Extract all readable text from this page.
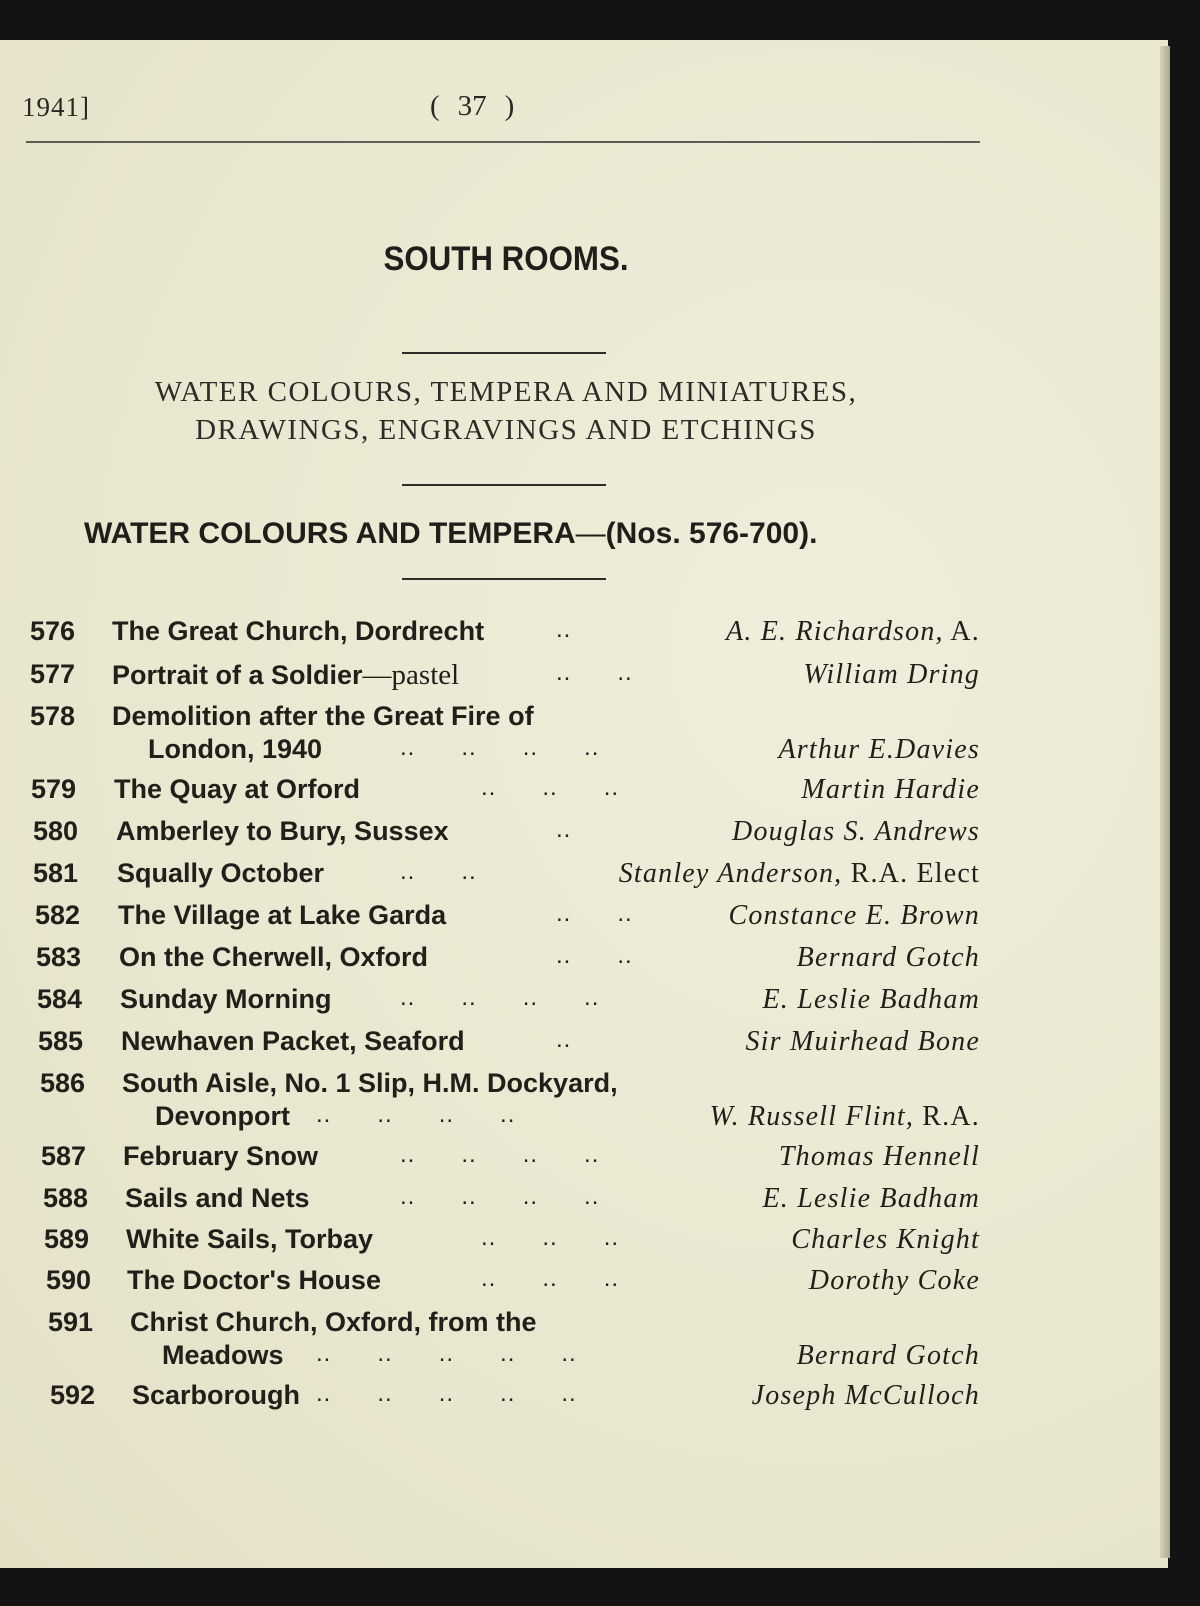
1941]	( 37 )
SOUTH ROOMS.
WATER COLOURS, TEMPERA AND MINIATURES,
DRAWINGS, ENGRAVINGS AND ETCHINGS
WATER COLOURS AND TEMPERA—(Nos. 576-700).
576	The Great Church, Dordrecht	..	A. E. Richardson, A.
577	Portrait of a Soldier—pastel	..      ..	William Dring
578	Demolition after the Great Fire of
London, 1940	..      ..      ..      ..	Arthur E.Davies
579	The Quay at Orford	..      ..      ..	Martin Hardie
580	Amberley to Bury, Sussex	..	Douglas S. Andrews
581	Squally October	..      ..	Stanley Anderson, R.A. Elect
582	The Village at Lake Garda	..      ..	Constance E. Brown
583	On the Cherwell, Oxford	..      ..	Bernard Gotch
584	Sunday Morning	..      ..      ..      ..	E. Leslie Badham
585	Newhaven Packet, Seaford	..	Sir Muirhead Bone
586	South Aisle, No. 1 Slip, H.M. Dockyard,
Devonport ..      ..      ..      ..	W. Russell Flint, R.A.
587	February Snow	..      ..      ..      ..	Thomas Hennell
588	Sails and Nets	..      ..      ..      ..	E. Leslie Badham
589	White Sails, Torbay	..      ..      ..	Charles Knight
590	The Doctor's House	..      ..      ..	Dorothy Coke
591	Christ Church, Oxford, from the
Meadows ..      ..      ..      ..      ..	Bernard Gotch
592	Scarborough ..      ..      ..      ..      ..	Joseph McCulloch
